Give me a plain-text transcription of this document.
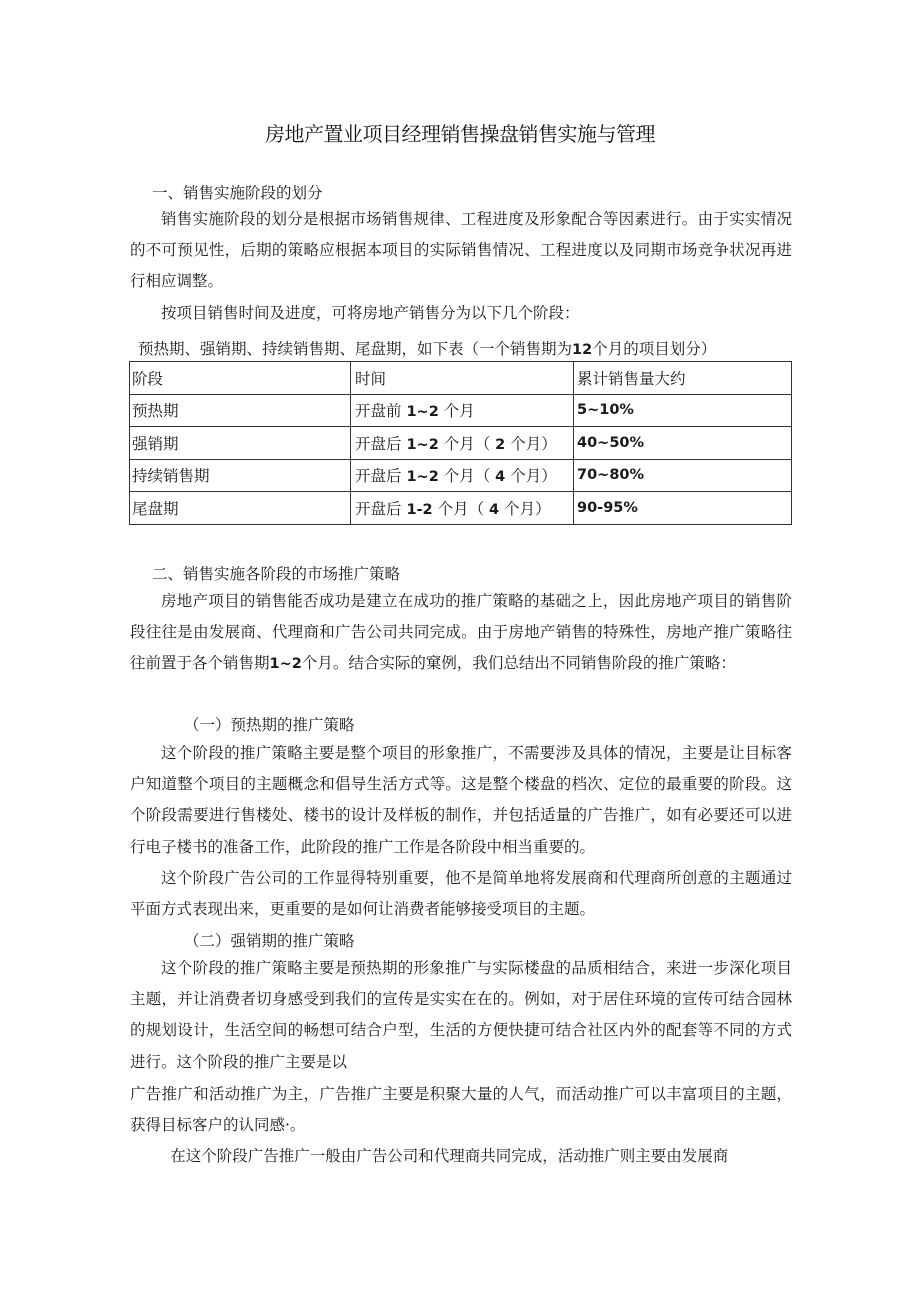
房地产置业项目经理销售操盘销售实施与管理
一、销售实施阶段的划分

销售实施阶段的划分是根据市场销售规律、工程进度及形象配合等因素进行。由于实实情况的不可预见性，后期的策略应根据本项目的实际销售情况、工程进度以及同期市场竞争状况再进行相应调整。

按项目销售时间及进度，可将房地产销售分为以下几个阶段：

预热期、强销期、持续销售期、尾盘期，如下表（一个销售期为12个月的项目划分）
阶段	时间	累计销售量大约
预热期	开盘前 1~2 个月	5~10%
强销期	开盘后 1~2 个月（ 2 个月）	40~50%
持续销售期	开盘后 1~2 个月（ 4 个月）	70~80%
尾盘期	开盘后 1-2 个月（ 4 个月）	90-95%
二、销售实施各阶段的市场推广策略

房地产项目的销售能否成功是建立在成功的推广策略的基础之上，因此房地产项目的销售阶段往往是由发展商、代理商和广告公司共同完成。由于房地产销售的特殊性，房地产推广策略往往前置于各个销售期1~2个月。结合实际的窠例，我们总结出不同销售阶段的推广策略：

（一）预热期的推广策略

这个阶段的推广策略主要是整个项目的形象推广，不需要涉及具体的情况，主要是让目标客户知道整个项目的主题概念和倡导生活方式等。这是整个楼盘的档次、定位的最重要的阶段。这个阶段需要进行售楼处、楼书的设计及样板的制作，并包括适量的广告推广，如有必要还可以进行电子楼书的准备工作，此阶段的推广工作是各阶段中相当重要的。

这个阶段广告公司的工作显得特别重要，他不是简单地将发展商和代理商所创意的主题通过平面方式表现出来，更重要的是如何让消费者能够接受项目的主题。

（二）强销期的推广策略

这个阶段的推广策略主要是预热期的形象推广与实际楼盘的品质相结合，来进一步深化项目主题，并让消费者切身感受到我们的宣传是实实在在的。例如，对于居住环境的宣传可结合园林的规划设计，生活空间的畅想可结合户型，生活的方便快捷可结合社区内外的配套等不同的方式进行。这个阶段的推广主要是以

广告推广和活动推广为主，广告推广主要是积聚大量的人气，而活动推广可以丰富项目的主题，获得目标客户的认同感·。

在这个阶段广告推广一般由广告公司和代理商共同完成，活动推广则主要由发展商
